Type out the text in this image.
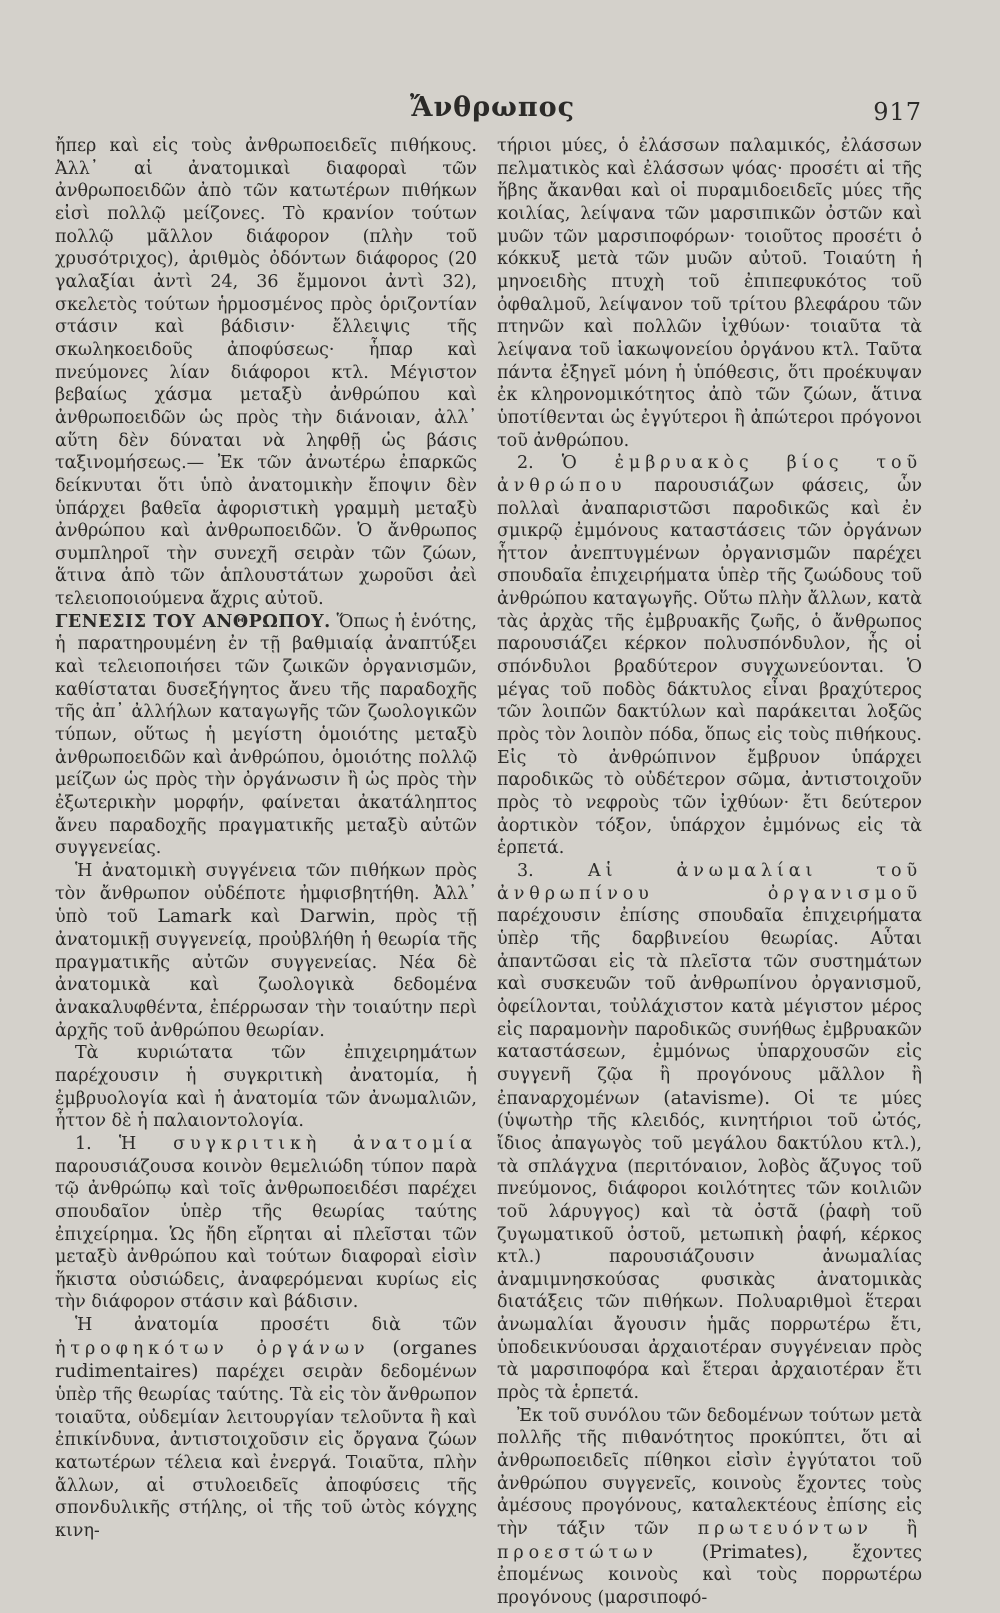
Ἄνθρωπος	917

ἤπερ καὶ εἰς τοὺς ἀνθρωποειδεῖς πιθήκους. Ἀλλ᾽ αἱ ἀνατομικαὶ διαφοραὶ τῶν ἀνθρωποειδῶν ἀπὸ τῶν κατωτέρων πιθήκων εἰσὶ πολλῷ μείζονες. Τὸ κρανίον τούτων πολλῷ μᾶλλον διάφορον (πλὴν τοῦ χρυσότριχος), ἀριθμὸς ὀδόντων διάφορος (20 γαλαξίαι ἀντὶ 24, 36 ἔμμονοι ἀντὶ 32), σκελετὸς τούτων ἡρμοσμένος πρὸς ὁριζοντίαν στάσιν καὶ βάδισιν· ἔλλειψις τῆς σκωληκοειδοῦς ἀποφύσεως· ἧπαρ καὶ πνεύμονες λίαν διάφοροι κτλ. Μέγιστον βεβαίως χάσμα μεταξὺ ἀνθρώπου καὶ ἀνθρωποειδῶν ὡς πρὸς τὴν διάνοιαν, ἀλλ᾽ αὕτη δὲν δύναται νὰ ληφθῇ ὡς βάσις ταξινομήσεως.— Ἐκ τῶν ἀνωτέρω ἐπαρκῶς δείκνυται ὅτι ὑπὸ ἀνατομικὴν ἔποψιν δὲν ὑπάρχει βαθεῖα ἀφοριστικὴ γραμμὴ μεταξὺ ἀνθρώπου καὶ ἀνθρωποειδῶν. Ὁ ἄνθρωπος συμπληροῖ τὴν συνεχῆ σειρὰν τῶν ζώων, ἅτινα ἀπὸ τῶν ἁπλουστάτων χωροῦσι ἀεὶ τελειοποιούμενα ἄχρις αὐτοῦ.

ΓΕΝΕΣΙΣ ΤΟΥ ΑΝΘΡΩΠΟΥ. Ὅπως ἡ ἑνότης, ἡ παρατηρουμένη ἐν τῇ βαθμιαίᾳ ἀναπτύξει καὶ τελειοποιήσει τῶν ζωικῶν ὀργανισμῶν, καθίσταται δυσεξήγητος ἄνευ τῆς παραδοχῆς τῆς ἀπ᾽ ἀλλήλων καταγωγῆς τῶν ζωολογικῶν τύπων, οὕτως ἡ μεγίστη ὁμοιότης μεταξὺ ἀνθρωποειδῶν καὶ ἀνθρώπου, ὁμοιότης πολλῷ μείζων ὡς πρὸς τὴν ὀργάνωσιν ἢ ὡς πρὸς τὴν ἐξωτερικὴν μορφήν, φαίνεται ἀκατάληπτος ἄνευ παραδοχῆς πραγματικῆς μεταξὺ αὐτῶν συγγενείας.

Ἡ ἀνατομικὴ συγγένεια τῶν πιθήκων πρὸς τὸν ἄνθρωπον οὐδέποτε ἠμφισβητήθη. Ἀλλ᾽ ὑπὸ τοῦ Lamark καὶ Darwin, πρὸς τῇ ἀνατομικῇ συγγενείᾳ, προὐβλήθη ἡ θεωρία τῆς πραγματικῆς αὐτῶν συγγενείας. Νέα δὲ ἀνατομικὰ καὶ ζωολογικὰ δεδομένα ἀνακαλυφθέντα, ἐπέρρωσαν τὴν τοιαύτην περὶ ἀρχῆς τοῦ ἀνθρώπου θεωρίαν.

Τὰ κυριώτατα τῶν ἐπιχειρημάτων παρέχουσιν ἡ συγκριτικὴ ἀνατομία, ἡ ἐμβρυολογία καὶ ἡ ἀνατομία τῶν ἀνωμαλιῶν, ἧττον δὲ ἡ παλαιοντολογία.

1. Ἡ συγκριτικὴ ἀνατομία παρουσιάζουσα κοινὸν θεμελιώδη τύπον παρὰ τῷ ἀνθρώπῳ καὶ τοῖς ἀνθρωποειδέσι παρέχει σπουδαῖον ὑπὲρ τῆς θεωρίας ταύτης ἐπιχείρημα. Ὡς ἤδη εἴρηται αἱ πλεῖσται τῶν μεταξὺ ἀνθρώπου καὶ τούτων διαφοραὶ εἰσὶν ἥκιστα οὐσιώδεις, ἀναφερόμεναι κυρίως εἰς τὴν διάφορον στάσιν καὶ βάδισιν.

Ἡ ἀνατομία προσέτι διὰ τῶν ἠτροφηκότων ὀργάνων (organes rudimentaires) παρέχει σειρὰν δεδομένων ὑπὲρ τῆς θεωρίας ταύτης. Τὰ εἰς τὸν ἄνθρωπον τοιαῦτα, οὐδεμίαν λειτουργίαν τελοῦντα ἢ καὶ ἐπικίνδυνα, ἀντιστοιχοῦσιν εἰς ὄργανα ζώων κατωτέρων τέλεια καὶ ἐνεργά. Τοιαῦτα, πλὴν ἄλλων, αἱ στυλοειδεῖς ἀποφύσεις τῆς σπονδυλικῆς στήλης, οἱ τῆς τοῦ ὠτὸς κόγχης κινη-

τήριοι μύες, ὁ ἐλάσσων παλαμικός, ἐλάσσων πελματικὸς καὶ ἐλάσσων ψόας· προσέτι αἱ τῆς ἥβης ἄκανθαι καὶ οἱ πυραμιδοειδεῖς μύες τῆς κοιλίας, λείψανα τῶν μαρσιπικῶν ὀστῶν καὶ μυῶν τῶν μαρσιποφόρων· τοιοῦτος προσέτι ὁ κόκκυξ μετὰ τῶν μυῶν αὐτοῦ. Τοιαύτη ἡ μηνοειδὴς πτυχὴ τοῦ ἐπιπεφυκότος τοῦ ὀφθαλμοῦ, λείψανον τοῦ τρίτου βλεφάρου τῶν πτηνῶν καὶ πολλῶν ἰχθύων· τοιαῦτα τὰ λείψανα τοῦ ἰακωψονείου ὀργάνου κτλ. Ταῦτα πάντα ἐξηγεῖ μόνη ἡ ὑπόθεσις, ὅτι προέκυψαν ἐκ κληρονομικότητος ἀπὸ τῶν ζώων, ἅτινα ὑποτίθενται ὡς ἐγγύτεροι ἢ ἀπώτεροι πρόγονοι τοῦ ἀνθρώπου.

2. Ὁ ἐμβρυακὸς βίος τοῦ ἀνθρώπου παρουσιάζων φάσεις, ὧν πολλαὶ ἀναπαριστῶσι παροδικῶς καὶ ἐν σμικρῷ ἐμμόνους καταστάσεις τῶν ὀργάνων ἧττον ἀνεπτυγμένων ὀργανισμῶν παρέχει σπουδαῖα ἐπιχειρήματα ὑπὲρ τῆς ζωώδους τοῦ ἀνθρώπου καταγωγῆς. Οὕτω πλὴν ἄλλων, κατὰ τὰς ἀρχὰς τῆς ἐμβρυακῆς ζωῆς, ὁ ἄνθρωπος παρουσιάζει κέρκον πολυσπόνδυλον, ἧς οἱ σπόνδυλοι βραδύτερον συγχωνεύονται. Ὁ μέγας τοῦ ποδὸς δάκτυλος εἶναι βραχύτερος τῶν λοιπῶν δακτύλων καὶ παράκειται λοξῶς πρὸς τὸν λοιπὸν πόδα, ὅπως εἰς τοὺς πιθήκους. Εἰς τὸ ἀνθρώπινον ἔμβρυον ὑπάρχει παροδικῶς τὸ οὐδέτερον σῶμα, ἀντιστοιχοῦν πρὸς τὸ νεφροὺς τῶν ἰχθύων· ἔτι δεύτερον ἀορτικὸν τόξον, ὑπάρχον ἐμμόνως εἰς τὰ ἑρπετά.

3.	Αἱ ἀνωμαλίαι τοῦ ἀνθρωπίνου ὀργανισμοῦ παρέχουσιν ἐπίσης σπουδαῖα ἐπιχειρήματα ὑπὲρ τῆς δαρβινείου θεωρίας. Αὗται ἀπαντῶσαι εἰς τὰ πλεῖστα τῶν συστημάτων καὶ συσκευῶν τοῦ ἀνθρωπίνου ὀργανισμοῦ, ὀφείλονται, τοὐλάχιστον κατὰ μέγιστον μέρος εἰς παραμονὴν παροδικῶς συνήθως ἐμβρυακῶν καταστάσεων, ἐμμόνως ὑπαρχουσῶν εἰς συγγενῆ ζῷα ἢ προγόνους μᾶλλον ἢ ἐπαναρχομένων (atavisme). Οἱ τε μύες (ὑψωτὴρ τῆς κλειδός, κινητήριοι τοῦ ὠτός, ἴδιος ἀπαγωγὸς τοῦ μεγάλου δακτύλου κτλ.), τὰ σπλάγχνα (περιτόναιον, λοβὸς ἄζυγος τοῦ πνεύμονος, διάφοροι κοιλότητες τῶν κοιλιῶν τοῦ λάρυγγος) καὶ τὰ ὀστᾶ (ῥαφὴ τοῦ ζυγωματικοῦ ὀστοῦ, μετωπικὴ ῥαφή, κέρκος κτλ.) παρουσιάζουσιν ἀνωμαλίας ἀναμιμνησκούσας φυσικὰς ἀνατομικὰς διατάξεις τῶν πιθήκων. Πολυαριθμοὶ ἕτεραι ἀνωμαλίαι ἄγουσιν ἡμᾶς πορρωτέρω ἔτι, ὑποδεικνύουσαι ἀρχαιοτέραν συγγένειαν πρὸς τὰ μαρσιποφόρα καὶ ἕτεραι ἀρχαιοτέραν ἔτι πρὸς τὰ ἑρπετά.

Ἐκ τοῦ συνόλου τῶν δεδομένων τούτων μετὰ πολλῆς τῆς πιθανότητος προκύπτει, ὅτι αἱ ἀνθρωποειδεῖς πίθηκοι εἰσὶν ἐγγύτατοι τοῦ ἀνθρώπου συγγενεῖς, κοινοὺς ἔχοντες τοὺς ἀμέσους προγόνους, καταλεκτέους ἐπίσης εἰς τὴν τάξιν τῶν πρωτευόντων ἢ προεστώτων (Primates),	ἔχοντες ἐπομένως κοινοὺς καὶ τοὺς πορρωτέρω προγόνους (μαρσιποφό-
